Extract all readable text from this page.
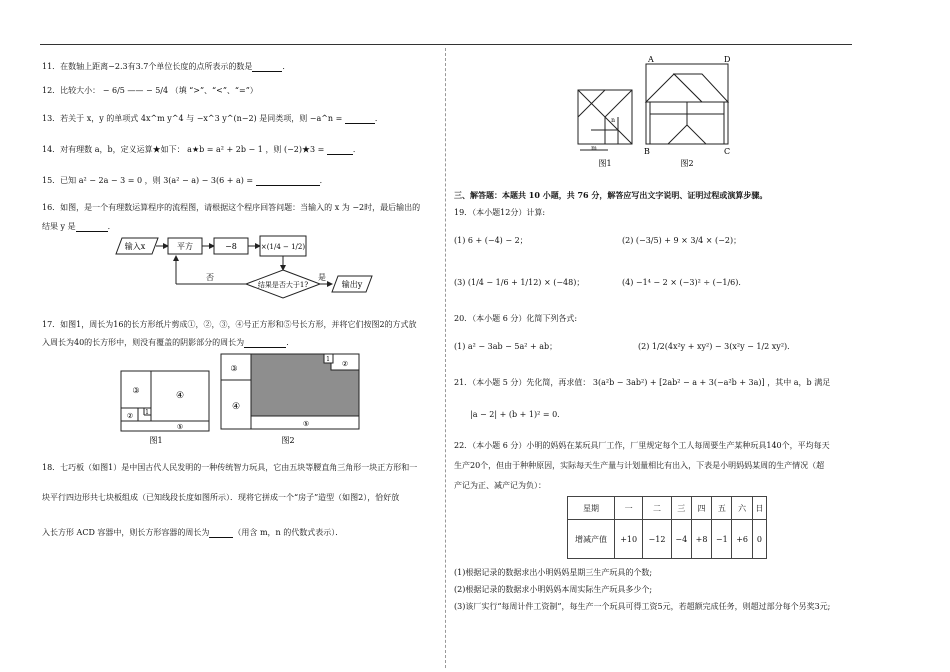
11．在数轴上距离−2.3有3.7个单位长度的点所表示的数是	．
12．比较大小： − 6/5 —— − 5/4 （填 “>”、“<”、“=”）
13．若关于 x，y 的单项式 4x^m y^4 与 −x^3 y^(n−2) 是同类项，则 −a^n =	．
14．对有理数 a，b，定义运算★如下： a★b = a² + 2b − 1 ，则 (−2)★3 =	．
15．已知 a² − 2a − 3 = 0 ，则 3(a² − a) − 3(6 + a) =	．
16．如图，是一个有理数运算程序的流程图，请根据这个程序回答问题：当输入的 x 为 −2时，最后输出的
结果 y 是	．
输入x	平方	−8	×(1/4 − 1/2)
结果是否大于1?
否	是
输出y
17．如图1，周长为16的长方形纸片剪成①，②，③，④号正方形和⑤号长方形，并将它们按图2的方式放
入周长为40的长方形中，则没有覆盖的阴影部分的周长为	．
③
④
② 1
⑤
图1
③
④
1
②
⑤
图2
18．七巧板（如图1）是中国古代人民发明的一种传统智力玩具，它由五块等腰直角三角形一块正方形和一
块平行四边形共七块板组成（已知线段长度如图所示）．现将它拼成一个“房子”造型（如图2），恰好放
入长方形 ACD 容器中，则长方形容器的周长为	（用含 m，n 的代数式表示）．
m
n
图1
A	D
B	C
图2
三、解答题：本题共 10 小题，共 76 分，解答应写出文字说明、证明过程或演算步骤。
19．（本小题12分）计算:
(1) 6 + (−4) − 2；	(2) (−3/5) + 9 × 3/4 × (−2)；
(3) (1/4 − 1/6 + 1/12) × (−48)；	(4) −1⁴ − 2 × (−3)² ÷ (−1/6)．
20．（本小题 6 分）化简下列各式:
(1) a² − 3ab − 5a² + ab；	(2) 1/2(4x²y + xy²) − 3(x²y − 1/2 xy²)．
21．（本小题 5 分）先化简，再求值： 3(a²b − 3ab²) + [2ab² − a + 3(−a²b + 3a)] ，其中 a，b 满足
|a − 2| + (b + 1)² = 0．
22．（本小题 6 分）小明的妈妈在某玩具厂工作，厂里规定每个工人每周要生产某种玩具140个，平均每天
生产20个，但由于种种原因，实际每天生产量与计划量相比有出入，下表是小明妈妈某周的生产情况（超
产记为正、减产记为负）：
星期	一	二	三	四	五	六	日
增减产值	+10	−12	−4	+8	−1	+6	0
(1)根据记录的数据求出小明妈妈星期三生产玩具的个数;
(2)根据记录的数据求小明妈妈本周实际生产玩具多少个;
(3)该厂实行“每周计件工资制”，每生产一个玩具可得工资5元，若超额完成任务，则超过部分每个另奖3元;
